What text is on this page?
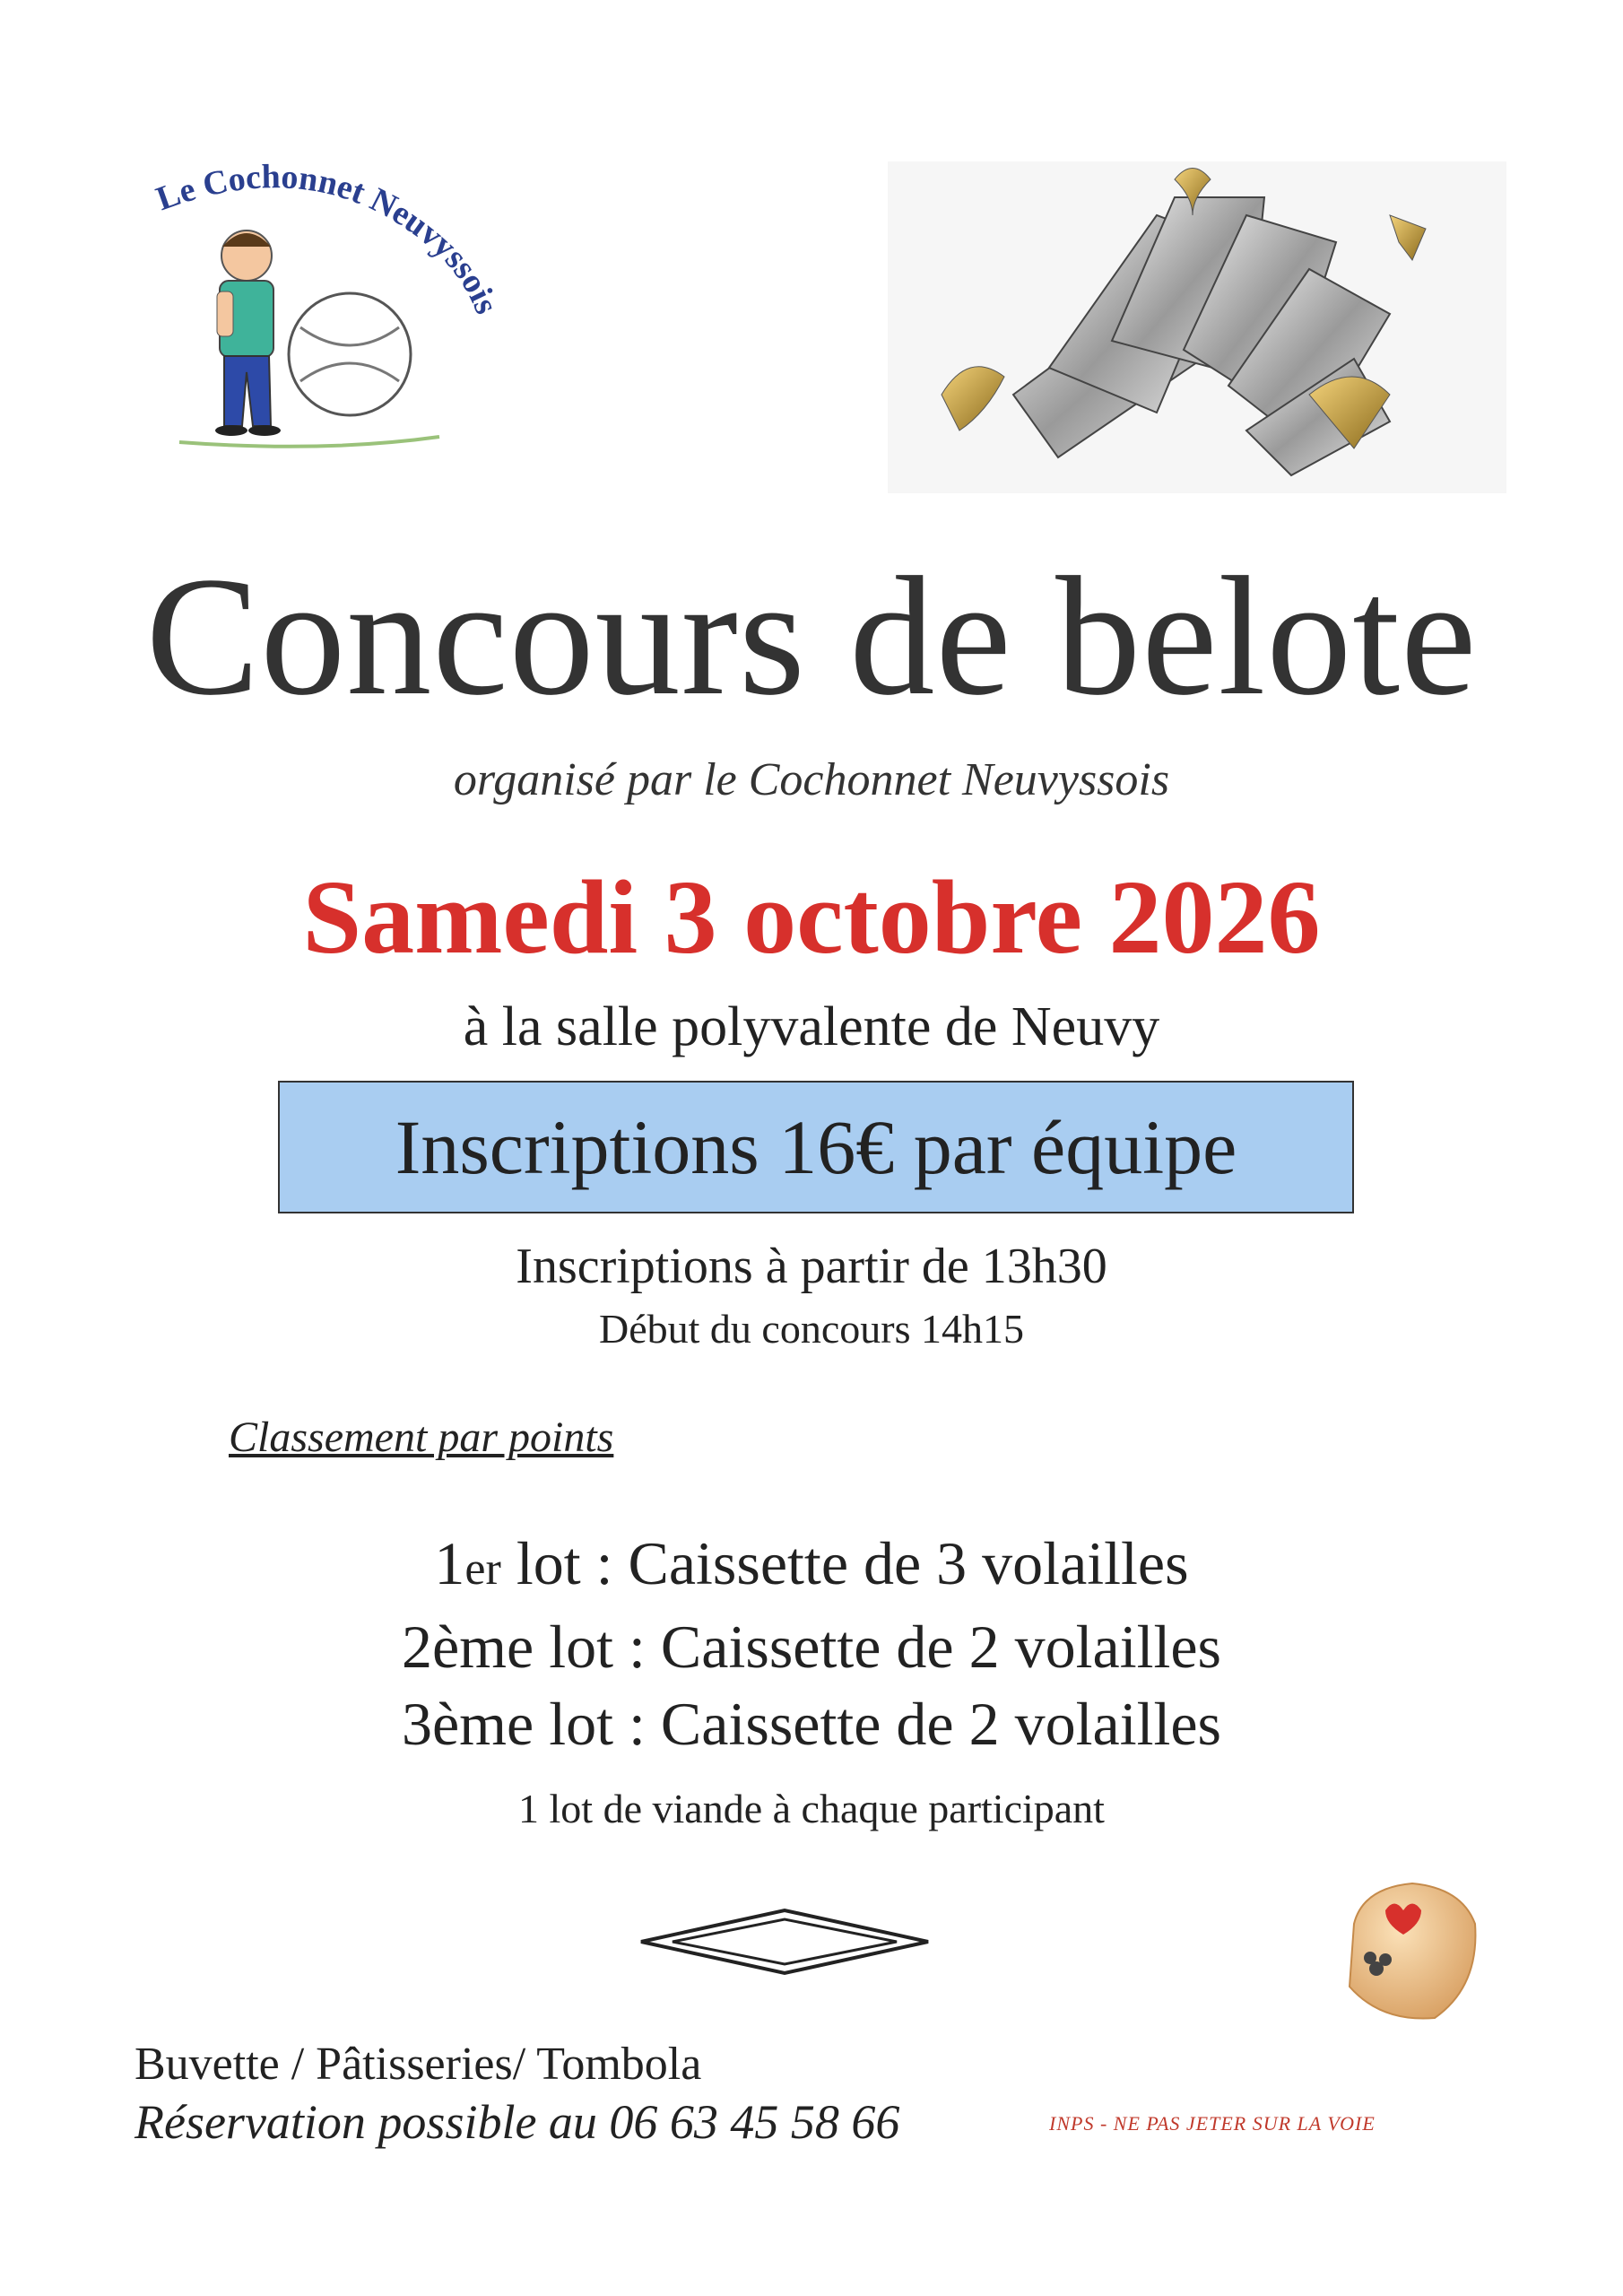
Le Cochonnet Neuvyssois
Concours de belote
organisé par le Cochonnet Neuvyssois
Samedi 3 octobre 2026
à la salle polyvalente de Neuvy
Inscriptions 16€ par équipe
Inscriptions à partir de 13h30
Début du concours 14h15
Classement par points
1er lot : Caissette de 3 volailles
2ème lot : Caissette de 2 volailles
3ème lot : Caissette de 2 volailles
1 lot de viande à chaque participant
Buvette / Pâtisseries/ Tombola
Réservation possible au 06 63 45 58 66	INPS - NE PAS JETER SUR LA VOIE
